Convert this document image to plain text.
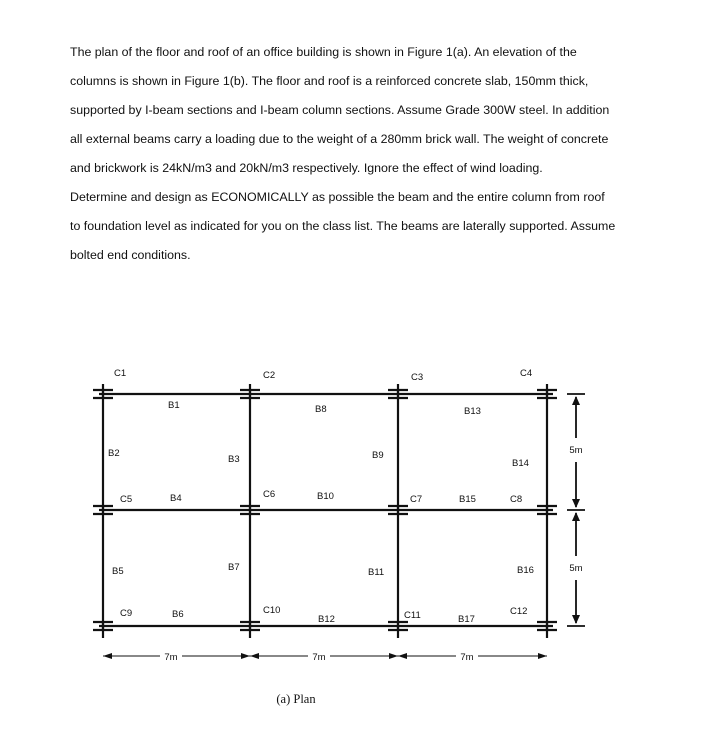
The plan of the floor and roof of an office building is shown in Figure 1(a). An elevation of the
columns is shown in Figure 1(b). The floor and roof is a reinforced concrete slab, 150mm thick,
supported by I-beam sections and I-beam column sections. Assume Grade 300W steel. In addition
all external beams carry a loading due to the weight of a 280mm brick wall. The weight of concrete
and brickwork is 24kN/m3 and 20kN/m3 respectively. Ignore the effect of wind loading.
Determine and design as ECONOMICALLY as possible the beam and the entire column from roof
to foundation level as indicated for you on the class list. The beams are laterally supported. Assume
bolted end conditions.
C1	C2	C3	C4
C5	C6	C7	C8
C9	C10	C11	C12
B1
B2
B3
B4
B5
B6
B7
B8
B9
B10
B11
B12
B13
B14
B15
B16
B17
7m	7m	7m
5m
5m
(a) Plan
